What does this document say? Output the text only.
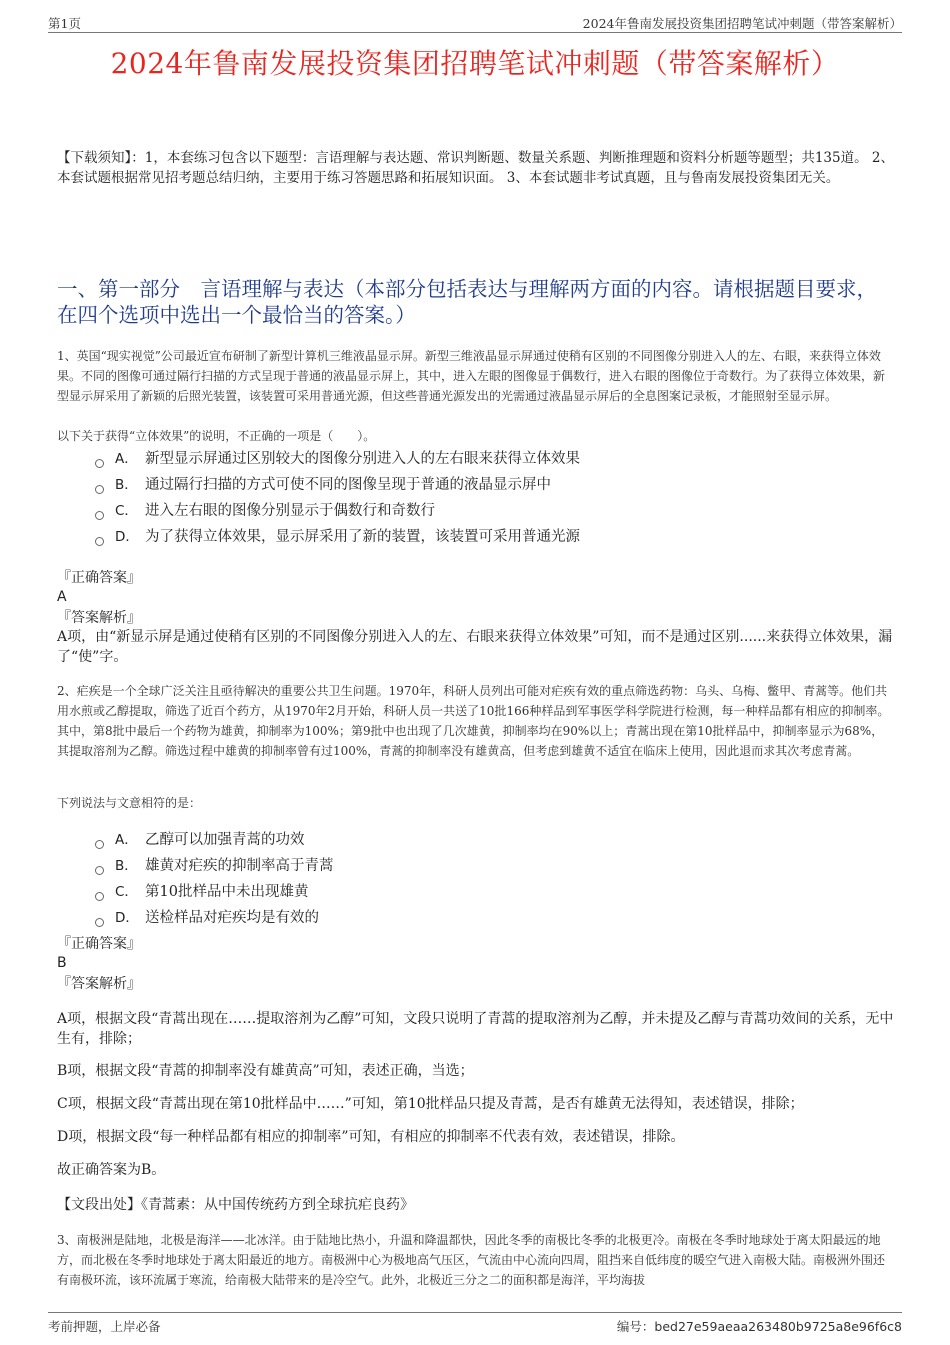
第1页	2024年鲁南发展投资集团招聘笔试冲刺题（带答案解析）
2024年鲁南发展投资集团招聘笔试冲刺题（带答案解析）
【下载须知】：1，本套练习包含以下题型：言语理解与表达题、常识判断题、数量关系题、判断推理题和资料分析题等题型；共135道。 2、本套试题根据常见招考题总结归纳，主要用于练习答题思路和拓展知识面。 3、本套试题非考试真题，且与鲁南发展投资集团无关。
一、第一部分　言语理解与表达（本部分包括表达与理解两方面的内容。请根据题目要求，在四个选项中选出一个最恰当的答案。）
1、英国“现实视觉”公司最近宣布研制了新型计算机三维液晶显示屏。新型三维液晶显示屏通过使稍有区别的不同图像分别进入人的左、右眼，来获得立体效果。不同的图像可通过隔行扫描的方式呈现于普通的液晶显示屏上，其中，进入左眼的图像显于偶数行，进入右眼的图像位于奇数行。为了获得立体效果，新型显示屏采用了新颖的后照光装置，该装置可采用普通光源，但这些普通光源发出的光需通过液晶显示屏后的全息图案记录板，才能照射至显示屏。
以下关于获得“立体效果”的说明，不正确的一项是（　　）。
A． 新型显示屏通过区别较大的图像分别进入人的左右眼来获得立体效果
B． 通过隔行扫描的方式可使不同的图像呈现于普通的液晶显示屏中
C． 进入左右眼的图像分别显示于偶数行和奇数行
D． 为了获得立体效果，显示屏采用了新的装置，该装置可采用普通光源
『正确答案』
A
『答案解析』
A项，由“新显示屏是通过使稍有区别的不同图像分别进入人的左、右眼来获得立体效果”可知，而不是通过区别......来获得立体效果，漏了“使”字。
2、疟疾是一个全球广泛关注且亟待解决的重要公共卫生问题。1970年，科研人员列出可能对疟疾有效的重点筛选药物：乌头、乌梅、鳖甲、青蒿等。他们共用水煎或乙醇提取，筛选了近百个药方，从1970年2月开始，科研人员一共送了10批166种样品到军事医学科学院进行检测，每一种样品都有相应的抑制率。其中，第8批中最后一个药物为雄黄，抑制率为100%；第9批中也出现了几次雄黄，抑制率均在90%以上；青蒿出现在第10批样品中，抑制率显示为68%，其提取溶剂为乙醇。筛选过程中雄黄的抑制率曾有过100%，青蒿的抑制率没有雄黄高，但考虑到雄黄不适宜在临床上使用，因此退而求其次考虑青蒿。
下列说法与文意相符的是：
A． 乙醇可以加强青蒿的功效
B． 雄黄对疟疾的抑制率高于青蒿
C． 第10批样品中未出现雄黄
D． 送检样品对疟疾均是有效的
『正确答案』
B
『答案解析』
A项，根据文段“青蒿出现在……提取溶剂为乙醇”可知，文段只说明了青蒿的提取溶剂为乙醇，并未提及乙醇与青蒿功效间的关系，无中生有，排除；
B项，根据文段“青蒿的抑制率没有雄黄高”可知，表述正确，当选；
C项，根据文段“青蒿出现在第10批样品中……”可知，第10批样品只提及青蒿，是否有雄黄无法得知，表述错误，排除；
D项，根据文段“每一种样品都有相应的抑制率”可知，有相应的抑制率不代表有效，表述错误，排除。
故正确答案为B。
【文段出处】《青蒿素：从中国传统药方到全球抗疟良药》
3、南极洲是陆地，北极是海洋——北冰洋。由于陆地比热小，升温和降温都快，因此冬季的南极比冬季的北极更冷。南极在冬季时地球处于离太阳最远的地方，而北极在冬季时地球处于离太阳最近的地方。南极洲中心为极地高气压区，气流由中心流向四周，阻挡来自低纬度的暖空气进入南极大陆。南极洲外围还有南极环流，该环流属于寒流，给南极大陆带来的是冷空气。此外，北极近三分之二的面积都是海洋，平均海拔
考前押题，上岸必备	编号：bed27e59aeaa263480b9725a8e96f6c8
